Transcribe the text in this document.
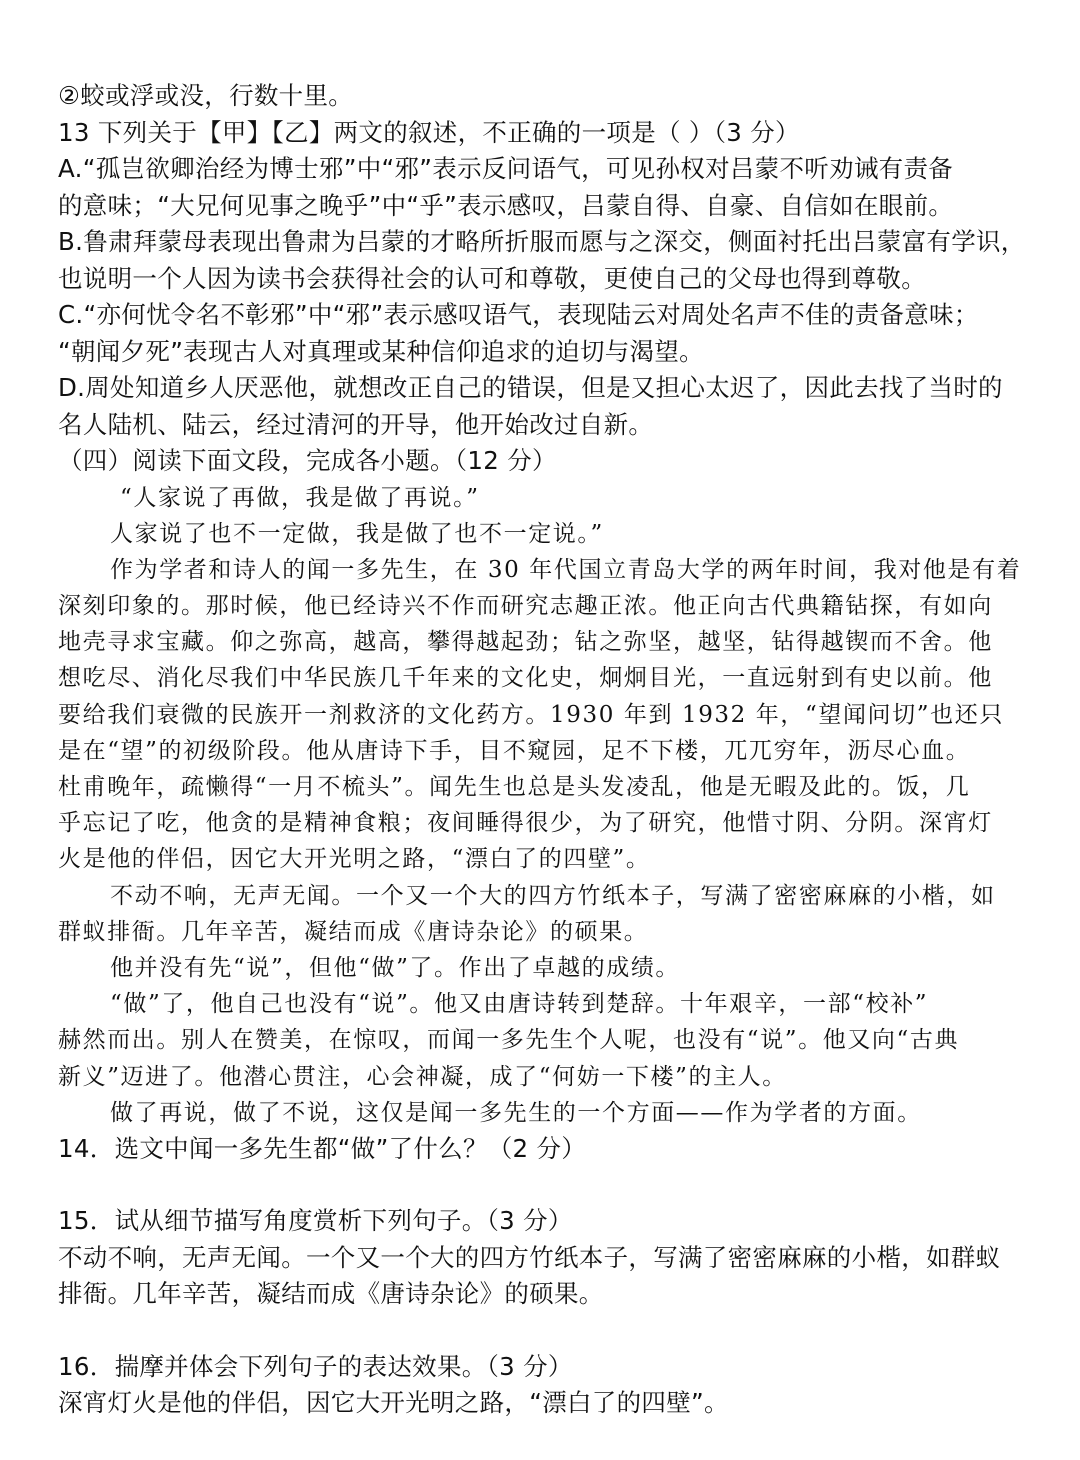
②蛟或浮或没，行数十里。
13 下列关于【甲】【乙】两文的叙述，不正确的一项是（ ）（3 分）
A.“孤岂欲卿治经为博士邪”中“邪”表示反问语气，可见孙权对吕蒙不听劝诫有责备
的意味；“大兄何见事之晚乎”中“乎”表示感叹，吕蒙自得、自豪、自信如在眼前。
B.鲁肃拜蒙母表现出鲁肃为吕蒙的才略所折服而愿与之深交，侧面衬托出吕蒙富有学识，
也说明一个人因为读书会获得社会的认可和尊敬，更使自己的父母也得到尊敬。
C.“亦何忧令名不彰邪”中“邪”表示感叹语气，表现陆云对周处名声不佳的责备意味；
“朝闻夕死”表现古人对真理或某种信仰追求的迫切与渴望。
D.周处知道乡人厌恶他，就想改正自己的错误，但是又担心太迟了，因此去找了当时的
名人陆机、陆云，经过清河的开导，他开始改过自新。
（四）阅读下面文段，完成各小题。（12 分）
“人家说了再做，我是做了再说。”
人家说了也不一定做，我是做了也不一定说。”
作为学者和诗人的闻一多先生，在 30 年代国立青岛大学的两年时间，我对他是有着
深刻印象的。那时候，他已经诗兴不作而研究志趣正浓。他正向古代典籍钻探，有如向
地壳寻求宝藏。仰之弥高，越高，攀得越起劲；钻之弥坚，越坚，钻得越锲而不舍。他
想吃尽、消化尽我们中华民族几千年来的文化史，炯炯目光，一直远射到有史以前。他
要给我们衰微的民族开一剂救济的文化药方。1930 年到 1932 年，“望闻问切”也还只
是在“望”的初级阶段。他从唐诗下手，目不窥园，足不下楼，兀兀穷年，沥尽心血。
杜甫晚年，疏懒得“一月不梳头”。闻先生也总是头发凌乱，他是无暇及此的。饭，几
乎忘记了吃，他贪的是精神食粮；夜间睡得很少，为了研究，他惜寸阴、分阴。深宵灯
火是他的伴侣，因它大开光明之路，“漂白了的四壁”。
不动不响，无声无闻。一个又一个大的四方竹纸本子，写满了密密麻麻的小楷，如
群蚁排衙。几年辛苦，凝结而成《唐诗杂论》的硕果。
他并没有先“说”，但他“做”了。作出了卓越的成绩。
“做”了，他自己也没有“说”。他又由唐诗转到楚辞。十年艰辛，一部“校补”
赫然而出。别人在赞美，在惊叹，而闻一多先生个人呢，也没有“说”。他又向“古典
新义”迈进了。他潜心贯注，心会神凝，成了“何妨一下楼”的主人。
做了再说，做了不说，这仅是闻一多先生的一个方面——作为学者的方面。
14．选文中闻一多先生都“做”了什么？（2 分）
15．试从细节描写角度赏析下列句子。（3 分）
不动不响，无声无闻。一个又一个大的四方竹纸本子，写满了密密麻麻的小楷，如群蚁
排衙。几年辛苦，凝结而成《唐诗杂论》的硕果。
16．揣摩并体会下列句子的表达效果。（3 分）
深宵灯火是他的伴侣，因它大开光明之路，“漂白了的四壁”。
